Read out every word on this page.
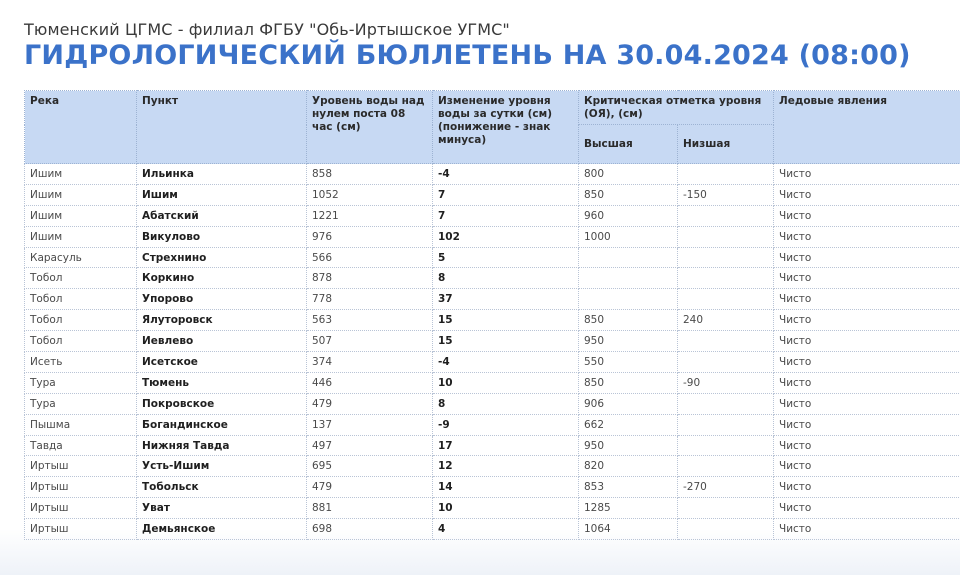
Тюменский ЦГМС - филиал ФГБУ "Обь-Иртышское УГМС"
ГИДРОЛОГИЧЕСКИЙ БЮЛЛЕТЕНЬ НА 30.04.2024 (08:00)
Река	Пункт	Уровень воды над нулем поста 08 час (см)	Изменение уровня воды за сутки (см) (понижение - знак минуса)	Критическая отметка уровня (ОЯ), (см)		Ледовые явления
				Высшая	Низшая	
Ишим	Ильинка	858	-4	800		Чисто
Ишим	Ишим	1052	7	850	-150	Чисто
Ишим	Абатский	1221	7	960		Чисто
Ишим	Викулово	976	102	1000		Чисто
Карасуль	Стрехнино	566	5			Чисто
Тобол	Коркино	878	8			Чисто
Тобол	Упорово	778	37			Чисто
Тобол	Ялуторовск	563	15	850	240	Чисто
Тобол	Иевлево	507	15	950		Чисто
Исеть	Исетское	374	-4	550		Чисто
Тура	Тюмень	446	10	850	-90	Чисто
Тура	Покровское	479	8	906		Чисто
Пышма	Богандинское	137	-9	662		Чисто
Тавда	Нижняя Тавда	497	17	950		Чисто
Иртыш	Усть-Ишим	695	12	820		Чисто
Иртыш	Тобольск	479	14	853	-270	Чисто
Иртыш	Уват	881	10	1285		Чисто
Иртыш	Демьянское	698	4	1064		Чисто
